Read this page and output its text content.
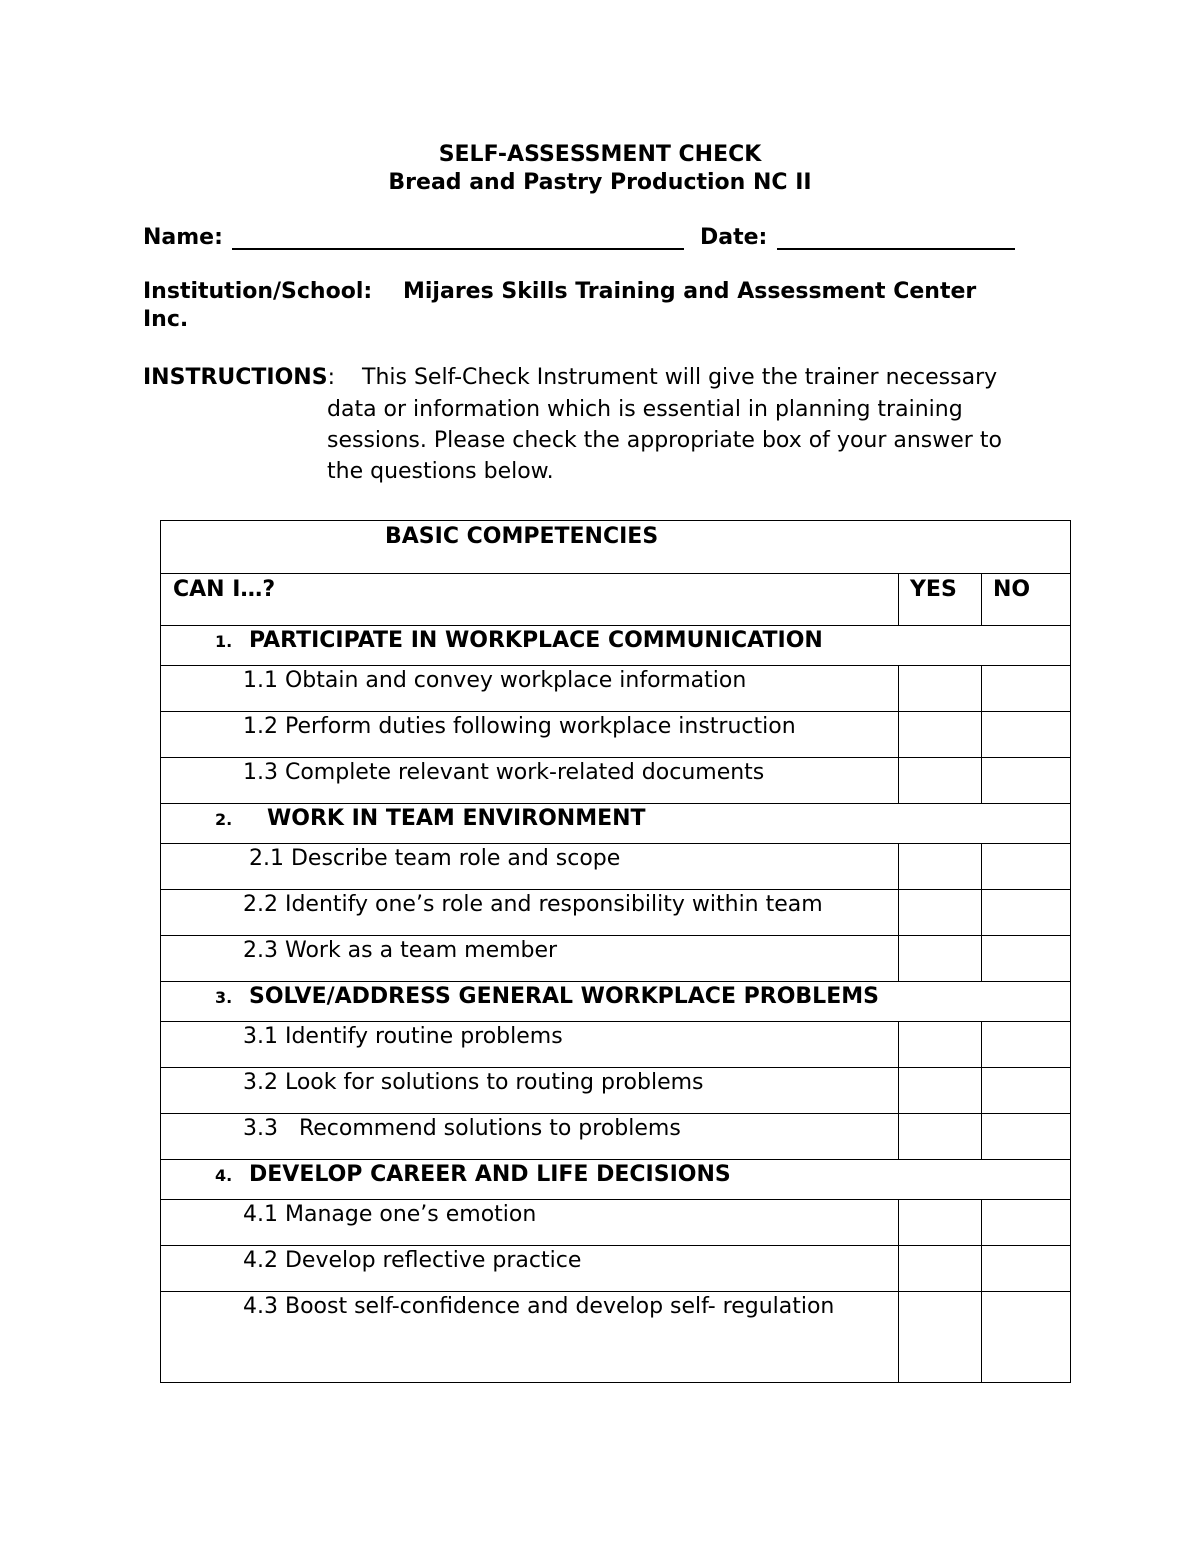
SELF-ASSESSMENT CHECK
Bread and Pastry Production NC II
Name:	Date:
Institution/School: Mijares Skills Training and Assessment Center
Inc.
INSTRUCTIONS: This Self-Check Instrument will give the trainer necessary
data or information which is essential in planning training
sessions. Please check the appropriate box of your answer to
the questions below.
BASIC COMPETENCIES		

CAN I…?	YES	NO

1. PARTICIPATE IN WORKPLACE COMMUNICATION		

1.1 Obtain and convey workplace information		

1.2 Perform duties following workplace instruction		

1.3 Complete relevant work-related documents		

2. WORK IN TEAM ENVIRONMENT		

2.1 Describe team role and scope		

2.2 Identify one’s role and responsibility within team		

2.3 Work as a team member		

3. SOLVE/ADDRESS GENERAL WORKPLACE PROBLEMS		

3.1 Identify routine problems		

3.2 Look for solutions to routing problems		

3.3   Recommend solutions to problems		

4. DEVELOP CAREER AND LIFE DECISIONS		

4.1 Manage one’s emotion		

4.2 Develop reflective practice		

4.3 Boost self-confidence and develop self- regulation		
